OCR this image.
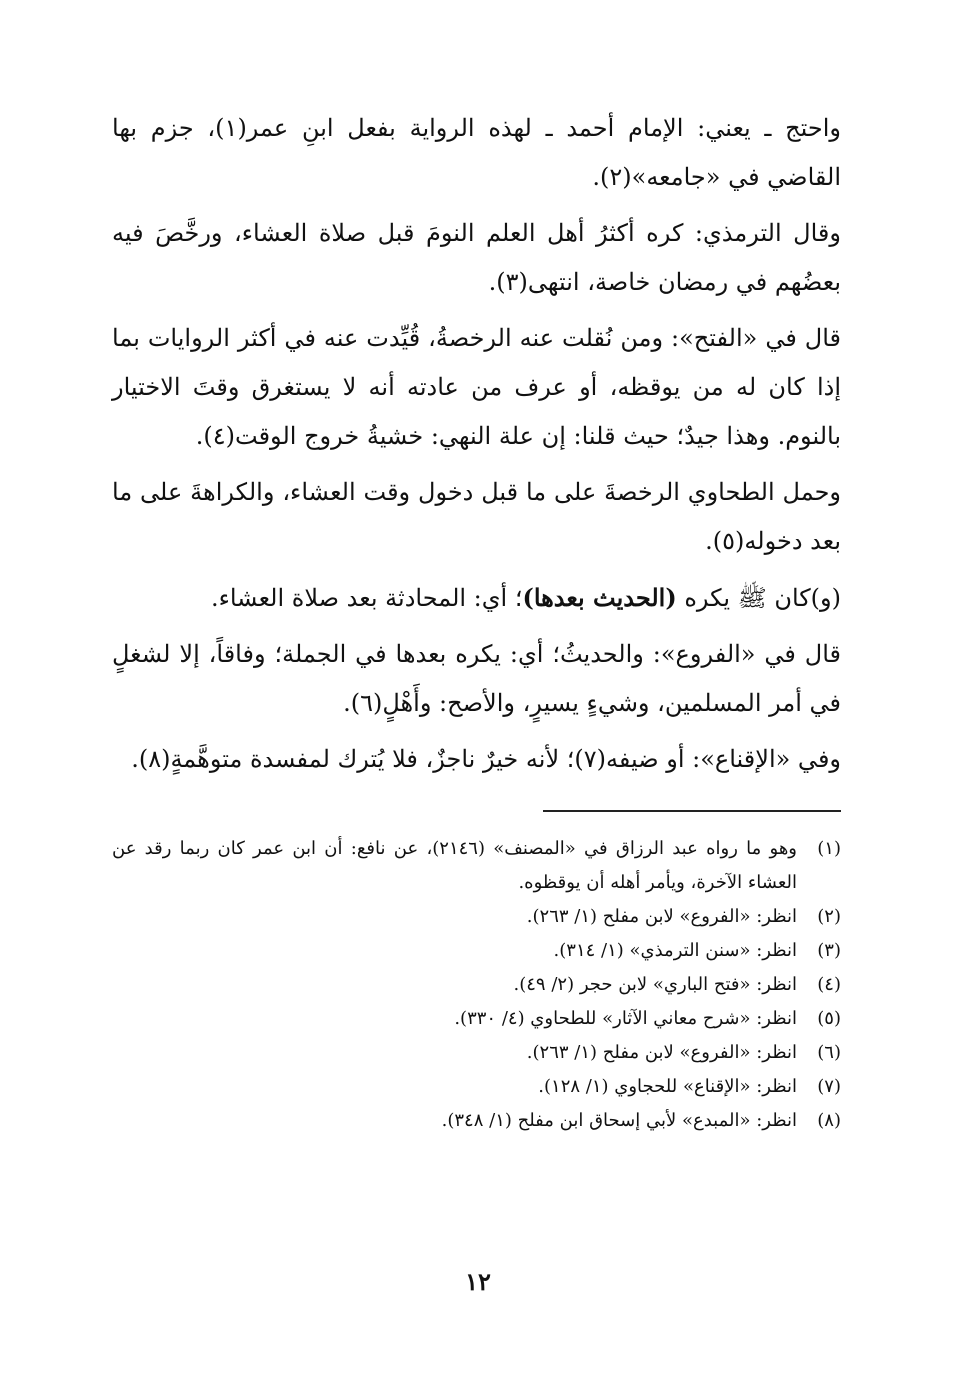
واحتج ـ يعني: الإمام أحمد ـ لهذه الرواية بفعل ابنِ عمر(١)، جزم بها القاضي في «جامعه»(٢).

وقال الترمذي: كره أكثرُ أهل العلم النومَ قبل صلاة العشاء، ورخَّصَ فيه بعضُهم في رمضان خاصة، انتهى(٣).

قال في «الفتح»: ومن نُقلت عنه الرخصةُ، قُيِّدت عنه في أكثر الروايات بما إذا كان له من يوقظه، أو عرف من عادته أنه لا يستغرق وقتَ الاختيار بالنوم. وهذا جيدٌ؛ حيث قلنا: إن علة النهي: خشيةُ خروج الوقت(٤).

وحمل الطحاوي الرخصةَ على ما قبل دخول وقت العشاء، والكراهةَ على ما بعد دخوله(٥).

(و)كان ﷺ يكره (الحديث بعدها)؛ أي: المحادثة بعد صلاة العشاء.

قال في «الفروع»: والحديثُ؛ أي: يكره بعدها في الجملة؛ وفاقاً، إلا لشغلٍ في أمر المسلمين، وشيءٍ يسيرٍ، والأصح: وأَهْلٍ(٦).

وفي «الإقناع»: أو ضيفه(٧)؛ لأنه خيرٌ ناجزٌ، فلا يُترك لمفسدة متوهَّمةٍ(٨).

(١)
وهو ما رواه عبد الرزاق في «المصنف» (٢١٤٦)، عن نافع: أن ابن عمر كان ربما رقد عن العشاء الآخرة، ويأمر أهله أن يوقظوه.
(٢)
انظر: «الفروع» لابن مفلح (١/ ٢٦٣).
(٣)
انظر: «سنن الترمذي» (١/ ٣١٤).
(٤)
انظر: «فتح الباري» لابن حجر (٢/ ٤٩).
(٥)
انظر: «شرح معاني الآثار» للطحاوي (٤/ ٣٣٠).
(٦)
انظر: «الفروع» لابن مفلح (١/ ٢٦٣).
(٧)
انظر: «الإقناع» للحجاوي (١/ ١٢٨).
(٨)
انظر: «المبدع» لأبي إسحاق ابن مفلح (١/ ٣٤٨).
١٢
